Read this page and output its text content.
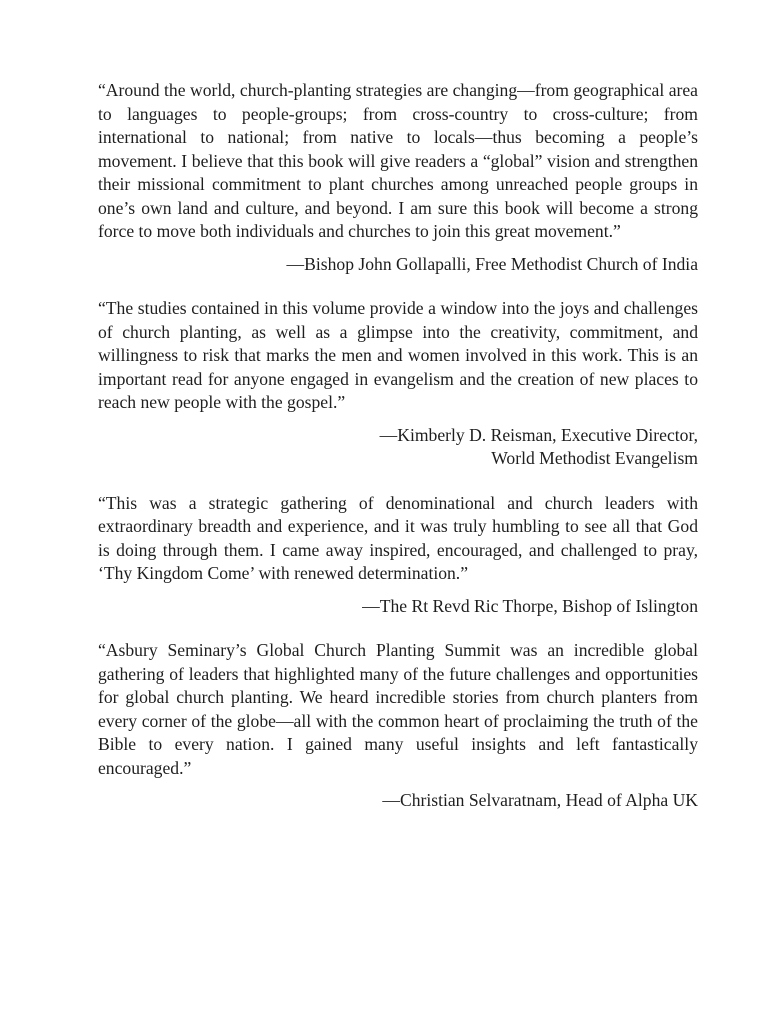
“Around the world, church-planting strategies are changing—from geographical area to languages to people-groups; from cross-country to cross-culture; from international to national; from native to locals—thus becoming a people’s movement. I believe that this book will give readers a “global” vision and strengthen their missional commitment to plant churches among unreached people groups in one’s own land and culture, and beyond. I am sure this book will become a strong force to move both individuals and churches to join this great movement.”

—Bishop John Gollapalli, Free Methodist Church of India

“The studies contained in this volume provide a window into the joys and challenges of church planting, as well as a glimpse into the creativity, commitment, and willingness to risk that marks the men and women involved in this work. This is an important read for anyone engaged in evangelism and the creation of new places to reach new people with the gospel.”

—Kimberly D. Reisman, Executive Director,
World Methodist Evangelism

“This was a strategic gathering of denominational and church leaders with extraordinary breadth and experience, and it was truly humbling to see all that God is doing through them. I came away inspired, encouraged, and challenged to pray, ‘Thy Kingdom Come’ with renewed determination.”

—The Rt Revd Ric Thorpe, Bishop of Islington

“Asbury Seminary’s Global Church Planting Summit was an incredible global gathering of leaders that highlighted many of the future challenges and opportunities for global church planting. We heard incredible stories from church planters from every corner of the globe—all with the common heart of proclaiming the truth of the Bible to every nation. I gained many useful insights and left fantastically encouraged.”

—Christian Selvaratnam, Head of Alpha UK
